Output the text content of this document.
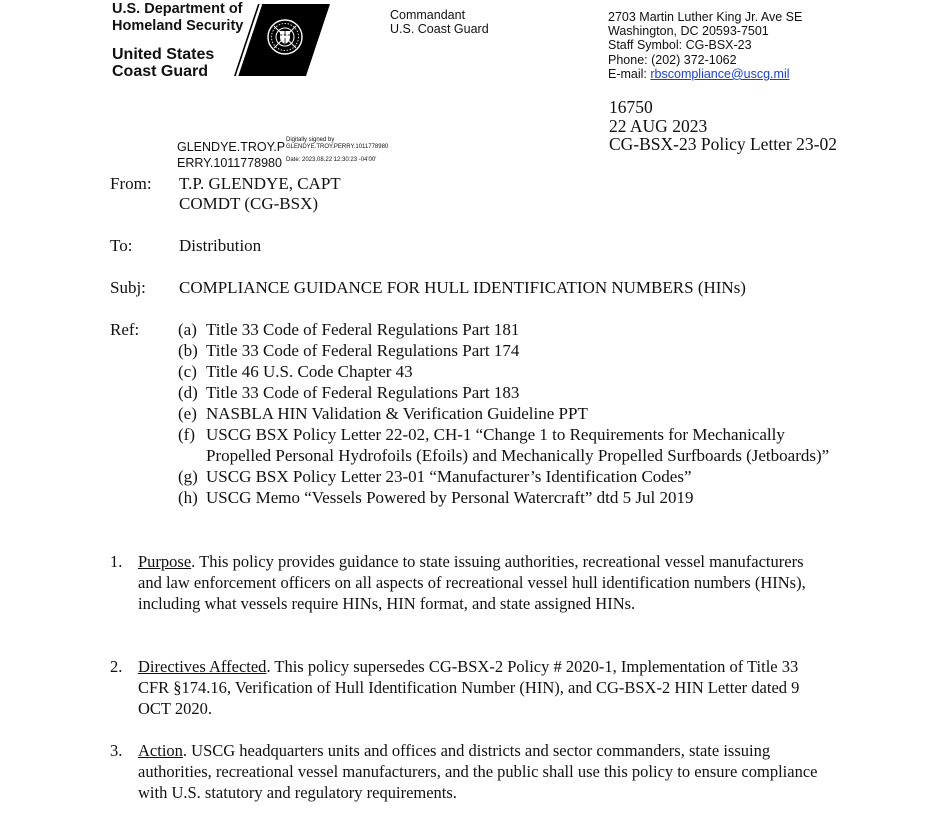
U.S. Department of
Homeland Security
United States
Coast Guard
Commandant
U.S. Coast Guard
2703 Martin Luther King Jr. Ave SE
Washington, DC 20593-7501
Staff Symbol: CG-BSX-23
Phone: (202) 372-1062
E-mail: rbscompliance@uscg.mil
16750
22 AUG 2023
CG-BSX-23 Policy Letter 23-02
GLENDYE.TROY.P
ERRY.1011778980
Digitally signed by
GLENDYE.TROY.PERRY.1011778980
Date: 2023.08.22 12:30:23 -04'00'
From: T.P. GLENDYE, CAPT
COMDT (CG-BSX)
To:	Distribution
Subj: COMPLIANCE GUIDANCE FOR HULL IDENTIFICATION NUMBERS (HINs)
Ref: (a) Title 33 Code of Federal Regulations Part 181
(b) Title 33 Code of Federal Regulations Part 174
(c) Title 46 U.S. Code Chapter 43
(d) Title 33 Code of Federal Regulations Part 183
(e) NASBLA HIN Validation & Verification Guideline PPT
(f) USCG BSX Policy Letter 22-02, CH-1 “Change 1 to Requirements for Mechanically Propelled Personal Hydrofoils (Efoils) and Mechanically Propelled Surfboards (Jetboards)”
(g) USCG BSX Policy Letter 23-01 “Manufacturer’s Identification Codes”
(h) USCG Memo “Vessels Powered by Personal Watercraft” dtd 5 Jul 2019
1. Purpose. This policy provides guidance to state issuing authorities, recreational vessel manufacturers and law enforcement officers on all aspects of recreational vessel hull identification numbers (HINs), including what vessels require HINs, HIN format, and state assigned HINs.
2. Directives Affected. This policy supersedes CG-BSX-2 Policy # 2020-1, Implementation of Title 33 CFR §174.16, Verification of Hull Identification Number (HIN), and CG-BSX-2 HIN Letter dated 9 OCT 2020.
3. Action. USCG headquarters units and offices and districts and sector commanders, state issuing authorities, recreational vessel manufacturers, and the public shall use this policy to ensure compliance with U.S. statutory and regulatory requirements.
